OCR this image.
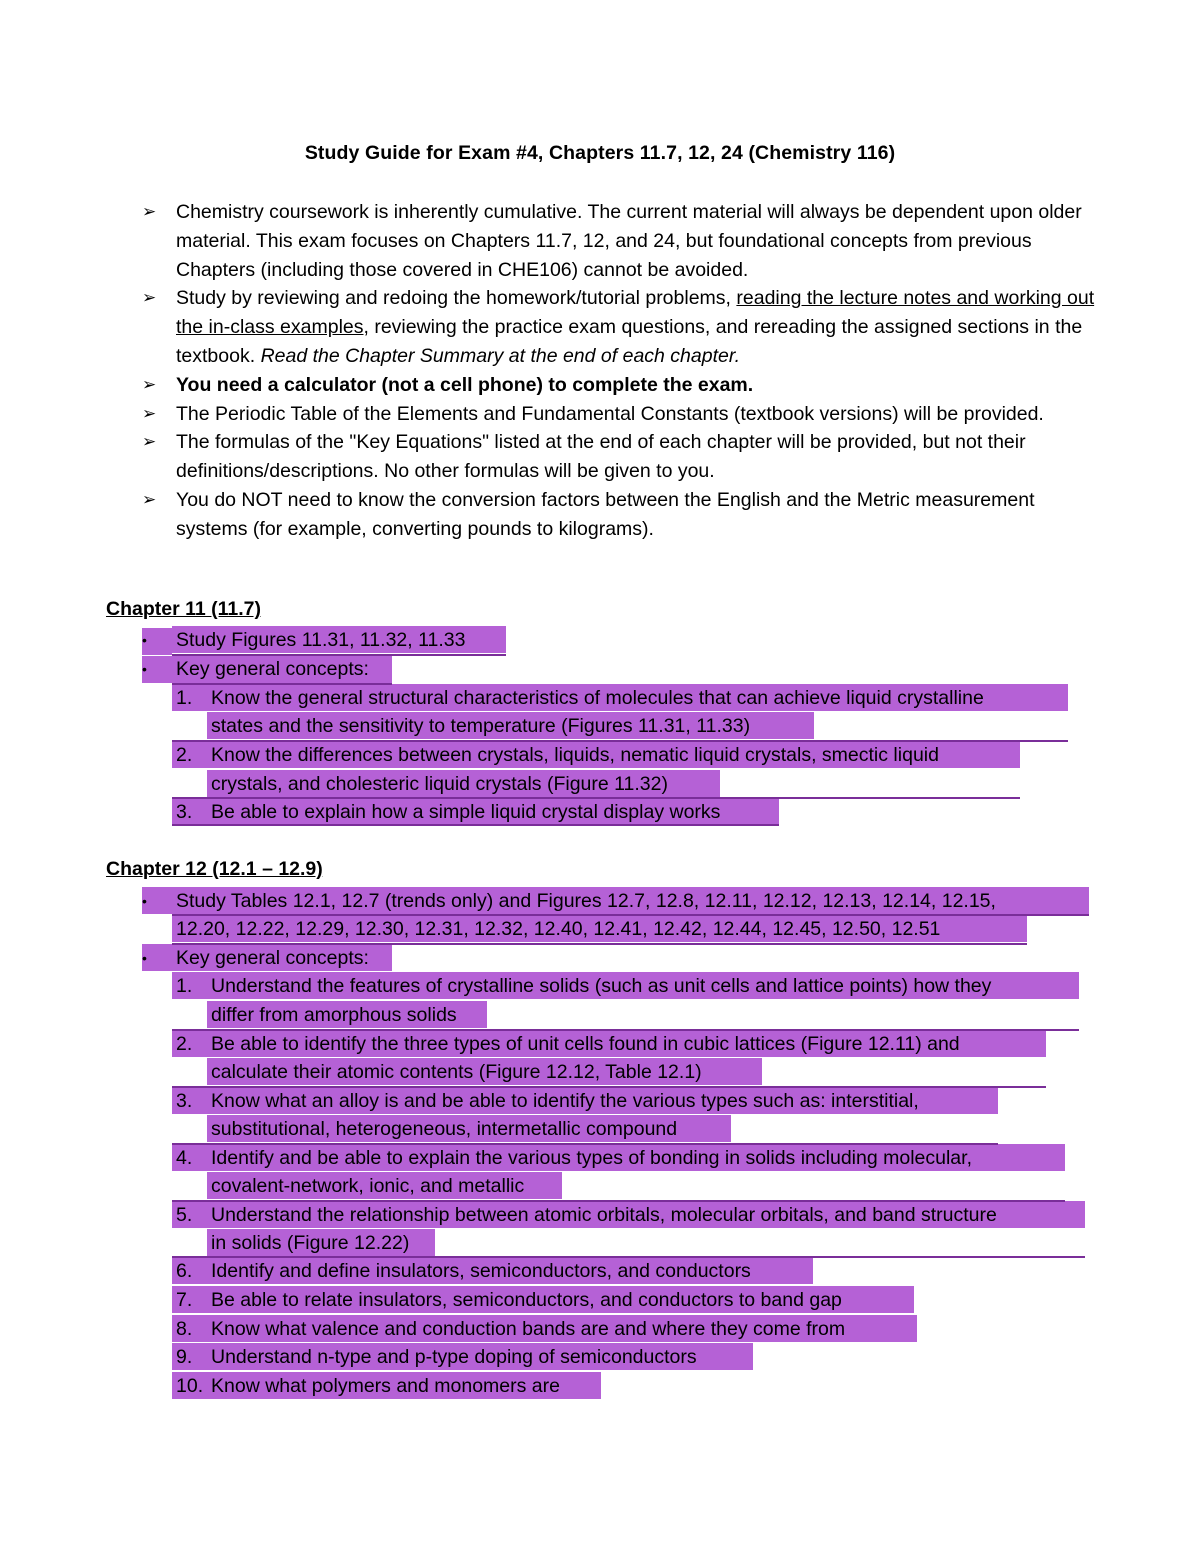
Study Guide for Exam #4, Chapters 11.7, 12, 24 (Chemistry 116)
➢ Chemistry coursework is inherently cumulative. The current material will always be dependent upon older material. This exam focuses on Chapters 11.7, 12, and 24, but foundational concepts from previous Chapters (including those covered in CHE106) cannot be avoided.
➢ Study by reviewing and redoing the homework/tutorial problems, reading the lecture notes and working out the in-class examples, reviewing the practice exam questions, and rereading the assigned sections in the textbook. Read the Chapter Summary at the end of each chapter.
➢ You need a calculator (not a cell phone) to complete the exam.
➢ The Periodic Table of the Elements and Fundamental Constants (textbook versions) will be provided.
➢ The formulas of the "Key Equations" listed at the end of each chapter will be provided, but not their definitions/descriptions. No other formulas will be given to you.
➢ You do NOT need to know the conversion factors between the English and the Metric measurement systems (for example, converting pounds to kilograms).
Chapter 11 (11.7)
• Study Figures 11.31, 11.32, 11.33
• Key general concepts:
1. Know the general structural characteristics of molecules that can achieve liquid crystalline
states and the sensitivity to temperature (Figures 11.31, 11.33)
2. Know the differences between crystals, liquids, nematic liquid crystals, smectic liquid
crystals, and cholesteric liquid crystals (Figure 11.32)
3. Be able to explain how a simple liquid crystal display works
Chapter 12 (12.1 – 12.9)
• Study Tables 12.1, 12.7 (trends only) and Figures 12.7, 12.8, 12.11, 12.12, 12.13, 12.14, 12.15,
12.20, 12.22, 12.29, 12.30, 12.31, 12.32, 12.40, 12.41, 12.42, 12.44, 12.45, 12.50, 12.51
• Key general concepts:
1. Understand the features of crystalline solids (such as unit cells and lattice points) how they
differ from amorphous solids
2. Be able to identify the three types of unit cells found in cubic lattices (Figure 12.11) and
calculate their atomic contents (Figure 12.12, Table 12.1)
3. Know what an alloy is and be able to identify the various types such as: interstitial,
substitutional, heterogeneous, intermetallic compound
4. Identify and be able to explain the various types of bonding in solids including molecular,
covalent-network, ionic, and metallic
5. Understand the relationship between atomic orbitals, molecular orbitals, and band structure
in solids (Figure 12.22)
6. Identify and define insulators, semiconductors, and conductors
7. Be able to relate insulators, semiconductors, and conductors to band gap
8. Know what valence and conduction bands are and where they come from
9. Understand n-type and p-type doping of semiconductors
10. Know what polymers and monomers are
